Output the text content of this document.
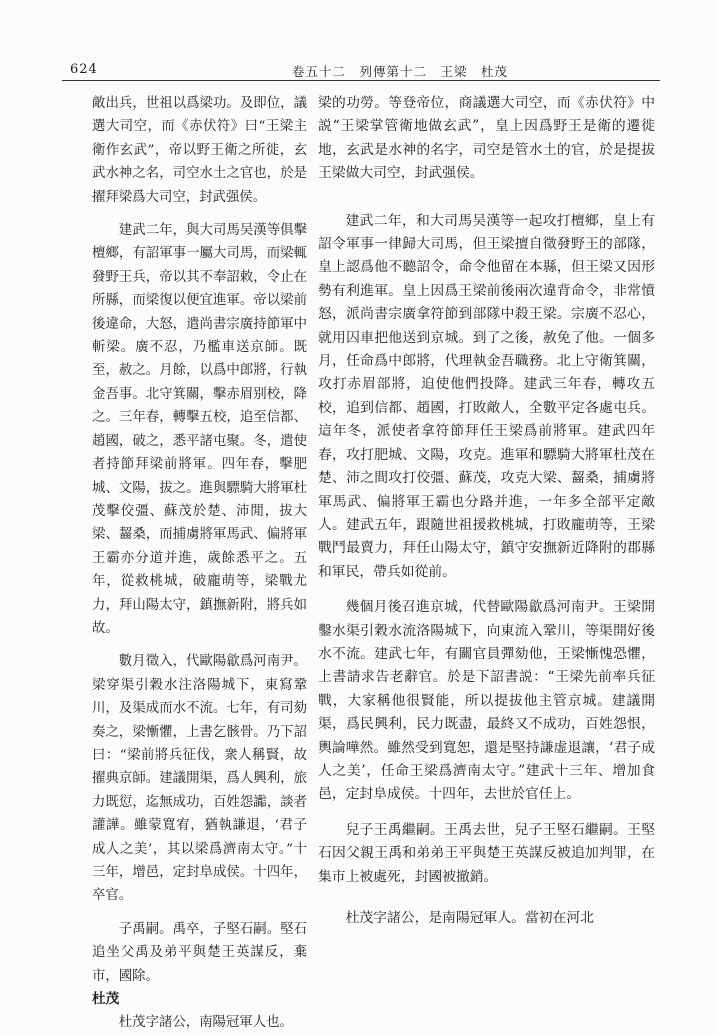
624	卷五十二　列傳第十二　王梁　杜茂

敵出兵，世祖以爲梁功。及即位，議選大司空，而《赤伏符》曰“王梁主衛作玄武”，帝以野王衛之所徙，玄武水神之名，司空水土之官也，於是擢拜梁爲大司空，封武强侯。

建武二年，與大司馬吴漢等俱擊檀鄉，有詔軍事一屬大司馬，而梁輒發野王兵，帝以其不奉詔敕，令止在所縣，而梁復以便宜進軍。帝以梁前後違命，大怒，遣尚書宗廣持節軍中斬梁。廣不忍，乃檻車送京師。既至，赦之。月餘，以爲中郎將，行執金吾事。北守箕關，擊赤眉别校，降之。三年春，轉擊五校，追至信都、趙國，破之，悉平諸屯聚。冬，遣使者持節拜梁前將軍。四年春，擊肥城、文陽，拔之。進與驃騎大將軍杜茂擊佼彊、蘇茂於楚、沛閒，拔大梁、齧桑，而捕虜將軍馬武、偏將軍王霸亦分道并進，歲餘悉平之。五年，從救桃城，破龐萌等，梁戰尤力，拜山陽太守，鎮撫新附，將兵如故。

數月徵入，代歐陽歙爲河南尹。梁穿渠引穀水注洛陽城下，東寫鞏川，及渠成而水不流。七年，有司劾奏之，梁慚懼，上書乞骸骨。乃下詔曰：“梁前將兵征伐，衆人稱賢，故擢典京師。建議開渠，爲人興利，旅力既愆，迄無成功，百姓怨讟，談者讙譁。雖蒙寬宥，猶執謙退，‘君子成人之美’，其以梁爲濟南太守。”十三年，增邑，定封阜成侯。十四年，卒官。

子禹嗣。禹卒，子堅石嗣。堅石追坐父禹及弟平與楚王英謀反，棄市，國除。

杜茂

杜茂字諸公，南陽冠軍人也。

梁的功勞。等登帝位，商議選大司空，而《赤伏符》中説“王梁掌管衛地做玄武”，皇上因爲野王是衛的遷徙地，玄武是水神的名字，司空是管水土的官，於是提拔王梁做大司空，封武强侯。

建武二年，和大司馬吴漢等一起攻打檀鄉，皇上有詔令軍事一律歸大司馬，但王梁擅自徵發野王的部隊，皇上認爲他不聽詔令，命令他留在本縣，但王梁又因形勢有利進軍。皇上因爲王梁前後兩次違背命令，非常憤怒，派尚書宗廣拿符節到部隊中殺王梁。宗廣不忍心，就用囚車把他送到京城。到了之後，赦免了他。一個多月，任命爲中郎將，代理執金吾職務。北上守衛箕關，攻打赤眉部將，迫使他們投降。建武三年春，轉攻五校，追到信都、趙國，打敗敵人，全數平定各處屯兵。這年冬，派使者拿符節拜任王梁爲前將軍。建武四年春，攻打肥城、文陽，攻克。進軍和驃騎大將軍杜茂在楚、沛之間攻打佼彊、蘇茂，攻克大梁、齧桑，捕虜將軍馬武、偏將軍王霸也分路并進，一年多全部平定敵人。建武五年，跟隨世祖援救桃城，打敗龐萌等，王梁戰鬥最賣力，拜任山陽太守，鎮守安撫新近降附的郡縣和軍民，帶兵如從前。

幾個月後召進京城，代替歐陽歙爲河南尹。王梁開鑿水渠引穀水流洛陽城下，向東流入鞏川，等渠開好後水不流。建武七年，有關官員彈劾他，王梁慚愧恐懼，上書請求告老辭官。於是下詔書説：“王梁先前率兵征戰，大家稱他很賢能，所以提拔他主管京城。建議開渠，爲民興利，民力既盡，最終又不成功，百姓怨恨，輿論嘩然。雖然受到寬恕，還是堅持謙虚退讓，‘君子成人之美’，任命王梁爲濟南太守。”建武十三年、增加食邑，定封阜成侯。十四年，去世於官任上。

兒子王禹繼嗣。王禹去世，兒子王堅石繼嗣。王堅石因父親王禹和弟弟王平與楚王英謀反被追加判罪，在集市上被處死，封國被撤銷。

杜茂字諸公，是南陽冠軍人。當初在河北
